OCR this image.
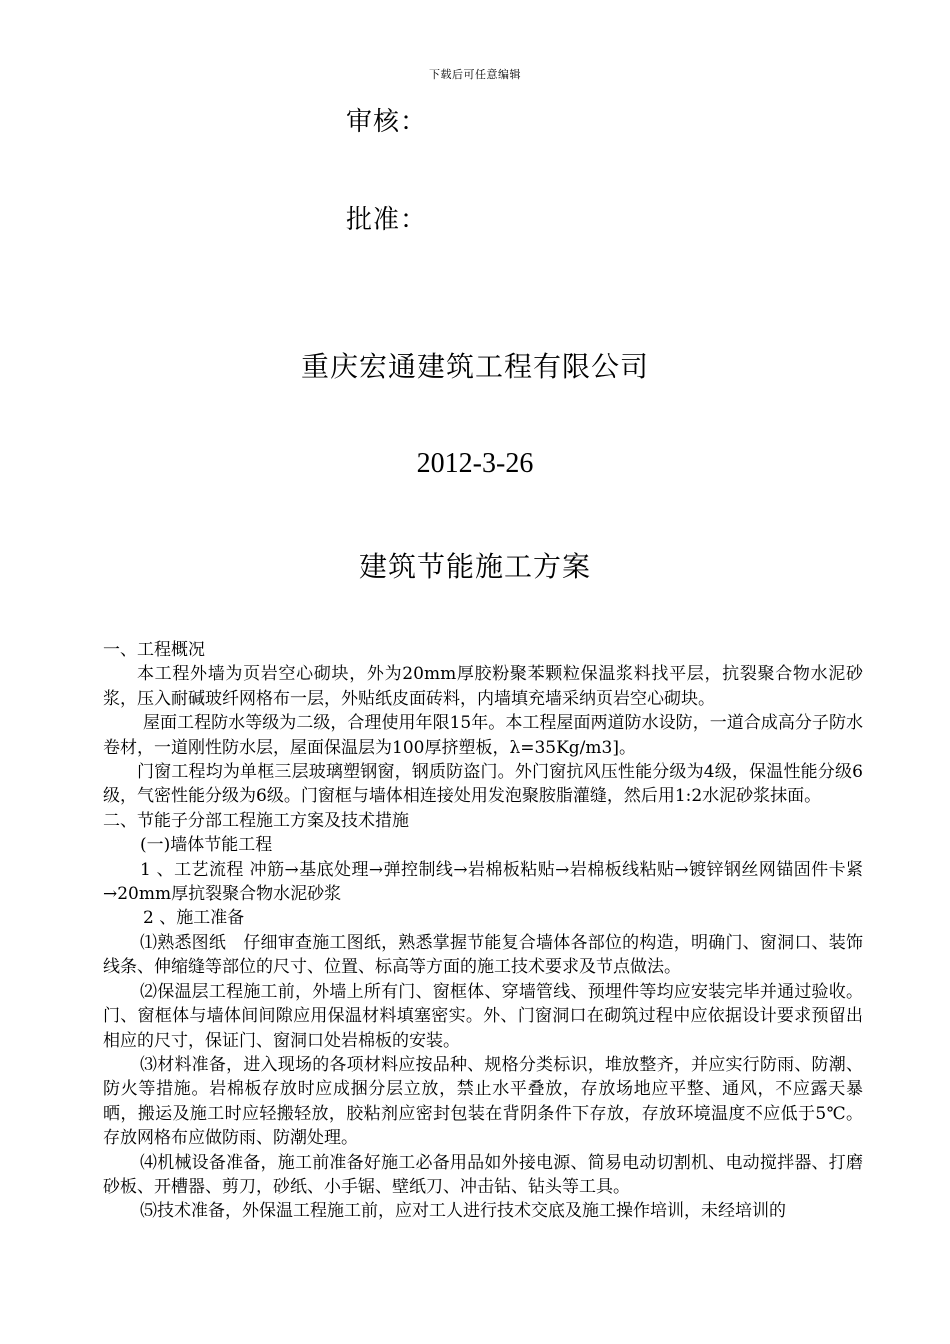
下载后可任意编辑
审核：
批准：
重庆宏通建筑工程有限公司
2012-3-26
建筑节能施工方案

一、工程概况

本工程外墙为页岩空心砌块，外为20mm厚胶粉聚苯颗粒保温浆料找平层，抗裂聚合物水泥砂浆，压入耐碱玻纤网格布一层，外贴纸皮面砖料，内墙填充墙采纳页岩空心砌块。

屋面工程防水等级为二级，合理使用年限15年。本工程屋面两道防水设防，一道合成高分子防水卷材，一道刚性防水层，屋面保温层为100厚挤塑板，λ=35Kg/m3]。

门窗工程均为单框三层玻璃塑钢窗，钢质防盗门。外门窗抗风压性能分级为4级，保温性能分级6级，气密性能分级为6级。门窗框与墙体相连接处用发泡聚胺脂灌缝，然后用1:2水泥砂浆抹面。

二、节能子分部工程施工方案及技术措施

(一)墙体节能工程

1 、工艺流程 冲筋→基底处理→弹控制线→岩棉板粘贴→岩棉板线粘贴→镀锌钢丝网锚固件卡紧→20mm厚抗裂聚合物水泥砂浆

2 、施工准备

⑴熟悉图纸　仔细审查施工图纸，熟悉掌握节能复合墙体各部位的构造，明确门、窗洞口、装饰线条、伸缩缝等部位的尺寸、位置、标高等方面的施工技术要求及节点做法。

⑵保温层工程施工前，外墙上所有门、窗框体、穿墙管线、预埋件等均应安装完毕并通过验收。门、窗框体与墙体间间隙应用保温材料填塞密实。外、门窗洞口在砌筑过程中应依据设计要求预留出相应的尺寸，保证门、窗洞口处岩棉板的安装。

⑶材料准备，进入现场的各项材料应按品种、规格分类标识，堆放整齐，并应实行防雨、防潮、防火等措施。岩棉板存放时应成捆分层立放，禁止水平叠放，存放场地应平整、通风，不应露天暴晒，搬运及施工时应轻搬轻放，胶粘剂应密封包装在背阴条件下存放，存放环境温度不应低于5℃。存放网格布应做防雨、防潮处理。

⑷机械设备准备，施工前准备好施工必备用品如外接电源、简易电动切割机、电动搅拌器、打磨砂板、开槽器、剪刀，砂纸、小手锯、壁纸刀、冲击钻、钻头等工具。

⑸技术准备，外保温工程施工前，应对工人进行技术交底及施工操作培训，未经培训的
